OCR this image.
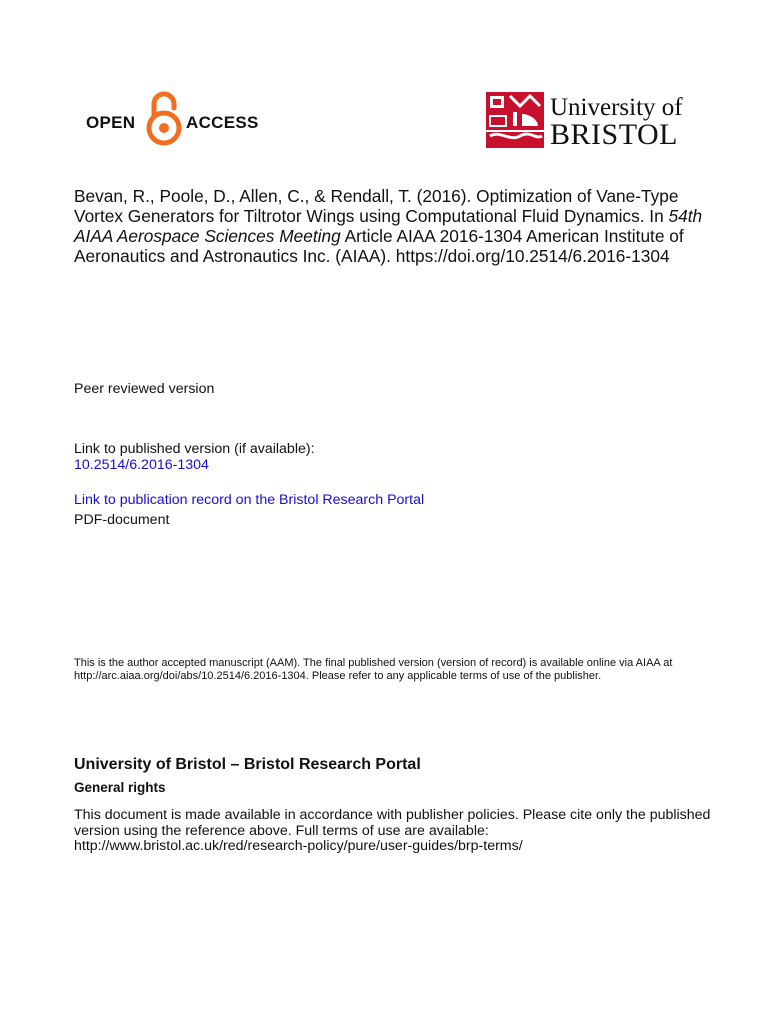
OPEN	ACCESS
University of
BRISTOL
Bevan, R., Poole, D., Allen, C., & Rendall, T. (2016). Optimization of Vane-Type Vortex Generators for Tiltrotor Wings using Computational Fluid Dynamics. In 54th AIAA Aerospace Sciences Meeting Article AIAA 2016-1304 American Institute of Aeronautics and Astronautics Inc. (AIAA). https://doi.org/10.2514/6.2016-1304
Peer reviewed version
Link to published version (if available):
10.2514/6.2016-1304
Link to publication record on the Bristol Research Portal
PDF-document
This is the author accepted manuscript (AAM). The final published version (version of record) is available online via AIAA at http://arc.aiaa.org/doi/abs/10.2514/6.2016-1304. Please refer to any applicable terms of use of the publisher.
University of Bristol – Bristol Research Portal
General rights
This document is made available in accordance with publisher policies. Please cite only the published version using the reference above. Full terms of use are available: http://www.bristol.ac.uk/red/research-policy/pure/user-guides/brp-terms/
